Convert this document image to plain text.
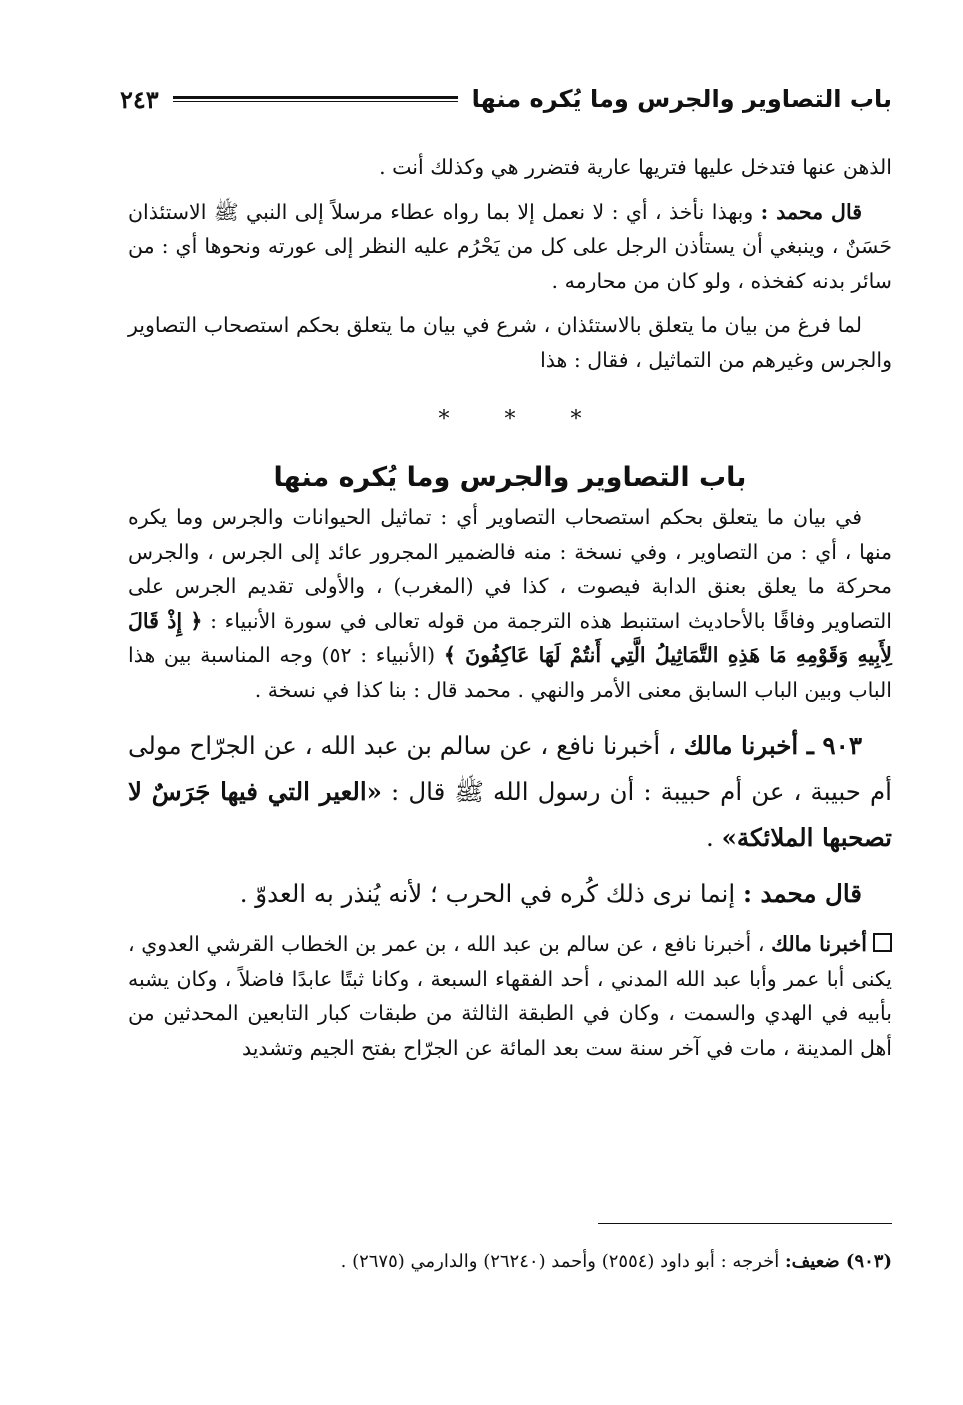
باب التصاوير والجرس وما يُكره منها
٢٤٣

الذهن عنها فتدخل عليها فتريها عارية فتضرر هي وكذلك أنت .

قال محمد : وبهذا نأخذ ، أي : لا نعمل إلا بما رواه عطاء مرسلاً إلى النبي ﷺ الاستئذان حَسَنٌ ، وينبغي أن يستأذن الرجل على كل من يَحْرُم عليه النظر إلى عورته ونحوها أي : من سائر بدنه كفخذه ، ولو كان من محارمه .

لما فرغ من بيان ما يتعلق بالاستئذان ، شرع في بيان ما يتعلق بحكم استصحاب التصاوير والجرس وغيرهم من التماثيل ، فقال : هذا

* * *
باب التصاوير والجرس وما يُكره منها

في بيان ما يتعلق بحكم استصحاب التصاوير أي : تماثيل الحيوانات والجرس وما يكره منها ، أي : من التصاوير ، وفي نسخة : منه فالضمير المجرور عائد إلى الجرس ، والجرس محركة ما يعلق بعنق الدابة فيصوت ، كذا في (المغرب) ، والأولى تقديم الجرس على التصاوير وفاقًا بالأحاديث استنبط هذه الترجمة من قوله تعالى في سورة الأنبياء : ﴿ إِذْ قَالَ لِأَبِيهِ وَقَوْمِهِ مَا هَذِهِ التَّمَاثِيلُ الَّتِي أَنتُمْ لَهَا عَاكِفُونَ ﴾ (الأنبياء : ٥٢) وجه المناسبة بين هذا الباب وبين الباب السابق معنى الأمر والنهي . محمد قال : بنا كذا في نسخة .

٩٠٣ ـ أخبرنا مالك ، أخبرنا نافع ، عن سالم بن عبد الله ، عن الجرّاح مولى أم حبيبة ، عن أم حبيبة : أن رسول الله ﷺ قال : «العير التي فيها جَرَسٌ لا تصحبها الملائكة» .

قال محمد : إنما نرى ذلك كُره في الحرب ؛ لأنه يُنذر به العدوّ .

أخبرنا مالك ، أخبرنا نافع ، عن سالم بن عبد الله ، بن عمر بن الخطاب القرشي العدوي ، يكنى أبا عمر وأبا عبد الله المدني ، أحد الفقهاء السبعة ، وكانا ثبتًا عابدًا فاضلاً ، وكان يشبه بأبيه في الهدي والسمت ، وكان في الطبقة الثالثة من طبقات كبار التابعين المحدثين من أهل المدينة ، مات في آخر سنة ست بعد المائة عن الجرّاح بفتح الجيم وتشديد

(٩٠٣) ضعيف: أخرجه : أبو داود (٢٥٥٤) وأحمد (٢٦٢٤٠) والدارمي (٢٦٧٥) .
